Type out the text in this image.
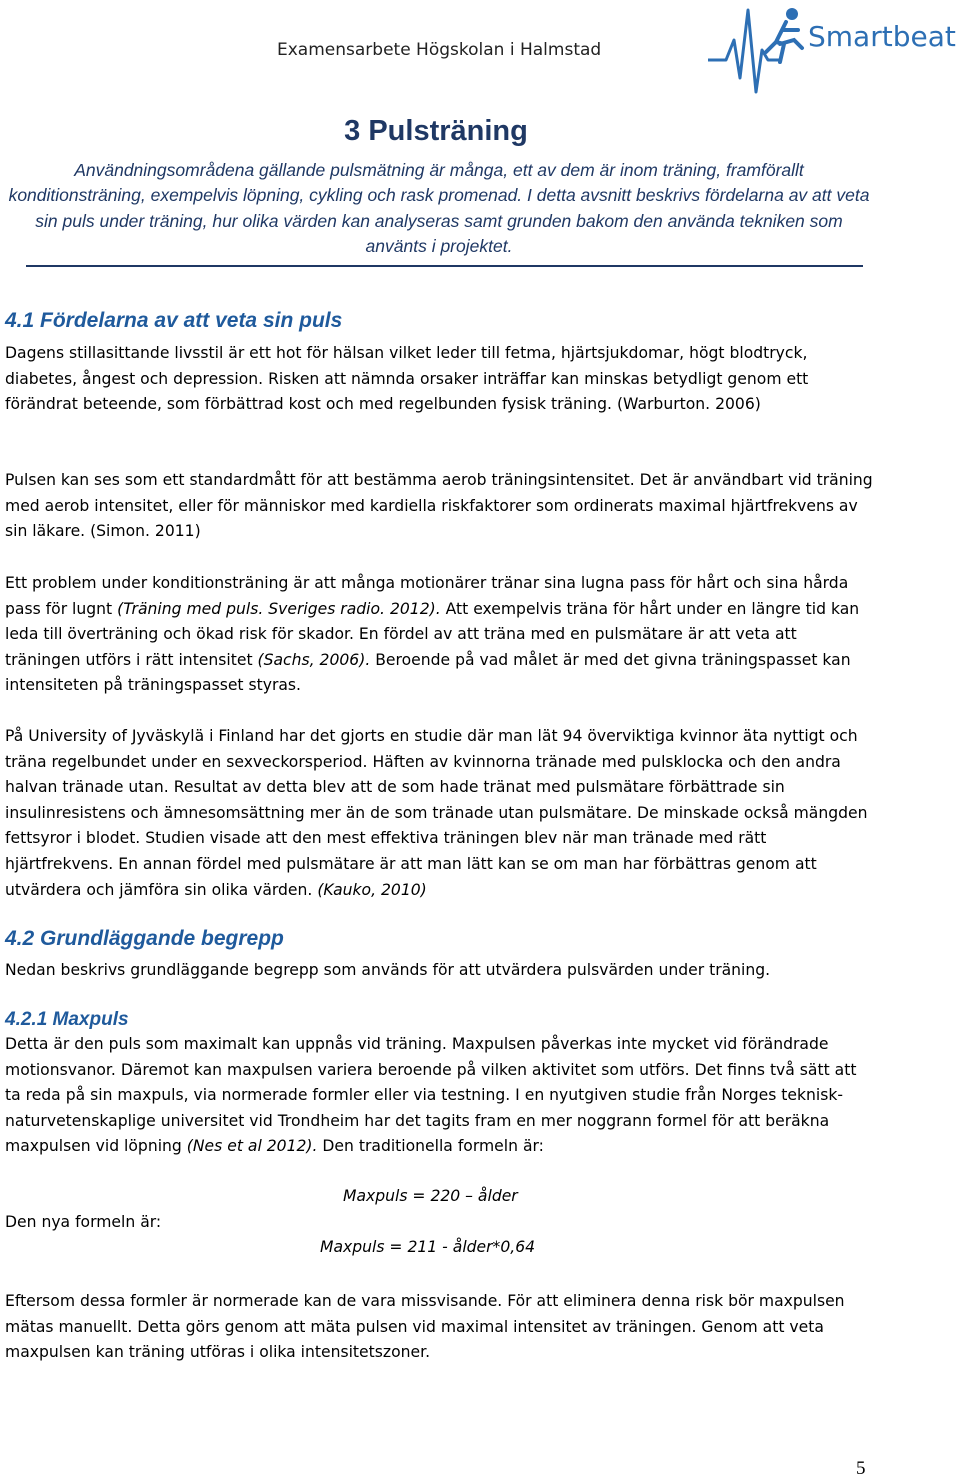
Examensarbete Högskolan i Halmstad	Smartbeat
3 Pulsträning
Användningsområdena gällande pulsmätning är många, ett av dem är inom träning, framförallt konditionsträning, exempelvis löpning, cykling och rask promenad. I detta avsnitt beskrivs fördelarna av att veta sin puls under träning, hur olika värden kan analyseras samt grunden bakom den använda tekniken som använts i projektet.
4.1 Fördelarna av att veta sin puls
Dagens stillasittande livsstil är ett hot för hälsan vilket leder till fetma, hjärtsjukdomar, högt blodtryck, diabetes, ångest och depression. Risken att nämnda orsaker inträffar kan minskas betydligt genom ett förändrat beteende, som förbättrad kost och med regelbunden fysisk träning. (Warburton. 2006)
Pulsen kan ses som ett standardmått för att bestämma aerob träningsintensitet. Det är användbart vid träning med aerob intensitet, eller för människor med kardiella riskfaktorer som ordinerats maximal hjärtfrekvens av sin läkare. (Simon. 2011)
Ett problem under konditionsträning är att många motionärer tränar sina lugna pass för hårt och sina hårda pass för lugnt (Träning med puls. Sveriges radio. 2012). Att exempelvis träna för hårt under en längre tid kan leda till överträning och ökad risk för skador. En fördel av att träna med en pulsmätare är att veta att träningen utförs i rätt intensitet (Sachs, 2006). Beroende på vad målet är med det givna träningspasset kan intensiteten på träningspasset styras.
På University of Jyväskylä i Finland har det gjorts en studie där man lät 94 överviktiga kvinnor äta nyttigt och träna regelbundet under en sexveckorsperiod. Häften av kvinnorna tränade med pulsklocka och den andra halvan tränade utan. Resultat av detta blev att de som hade tränat med pulsmätare förbättrade sin insulinresistens och ämnesomsättning mer än de som tränade utan pulsmätare. De minskade också mängden fettsyror i blodet. Studien visade att den mest effektiva träningen blev när man tränade med rätt hjärtfrekvens. En annan fördel med pulsmätare är att man lätt kan se om man har förbättras genom att utvärdera och jämföra sin olika värden. (Kauko, 2010)
4.2 Grundläggande begrepp
Nedan beskrivs grundläggande begrepp som används för att utvärdera pulsvärden under träning.
4.2.1 Maxpuls
Detta är den puls som maximalt kan uppnås vid träning. Maxpulsen påverkas inte mycket vid förändrade motionsvanor. Däremot kan maxpulsen variera beroende på vilken aktivitet som utförs. Det finns två sätt att ta reda på sin maxpuls, via normerade formler eller via testning. I en nyutgiven studie från Norges teknisk-naturvetenskaplige universitet vid Trondheim har det tagits fram en mer noggrann formel för att beräkna maxpulsen vid löpning (Nes et al 2012). Den traditionella formeln är:
Maxpuls = 220 – ålder
Den nya formeln är:
Maxpuls = 211 - ålder*0,64
Eftersom dessa formler är normerade kan de vara missvisande. För att eliminera denna risk bör maxpulsen mätas manuellt. Detta görs genom att mäta pulsen vid maximal intensitet av träningen. Genom att veta maxpulsen kan träning utföras i olika intensitetszoner.
5
